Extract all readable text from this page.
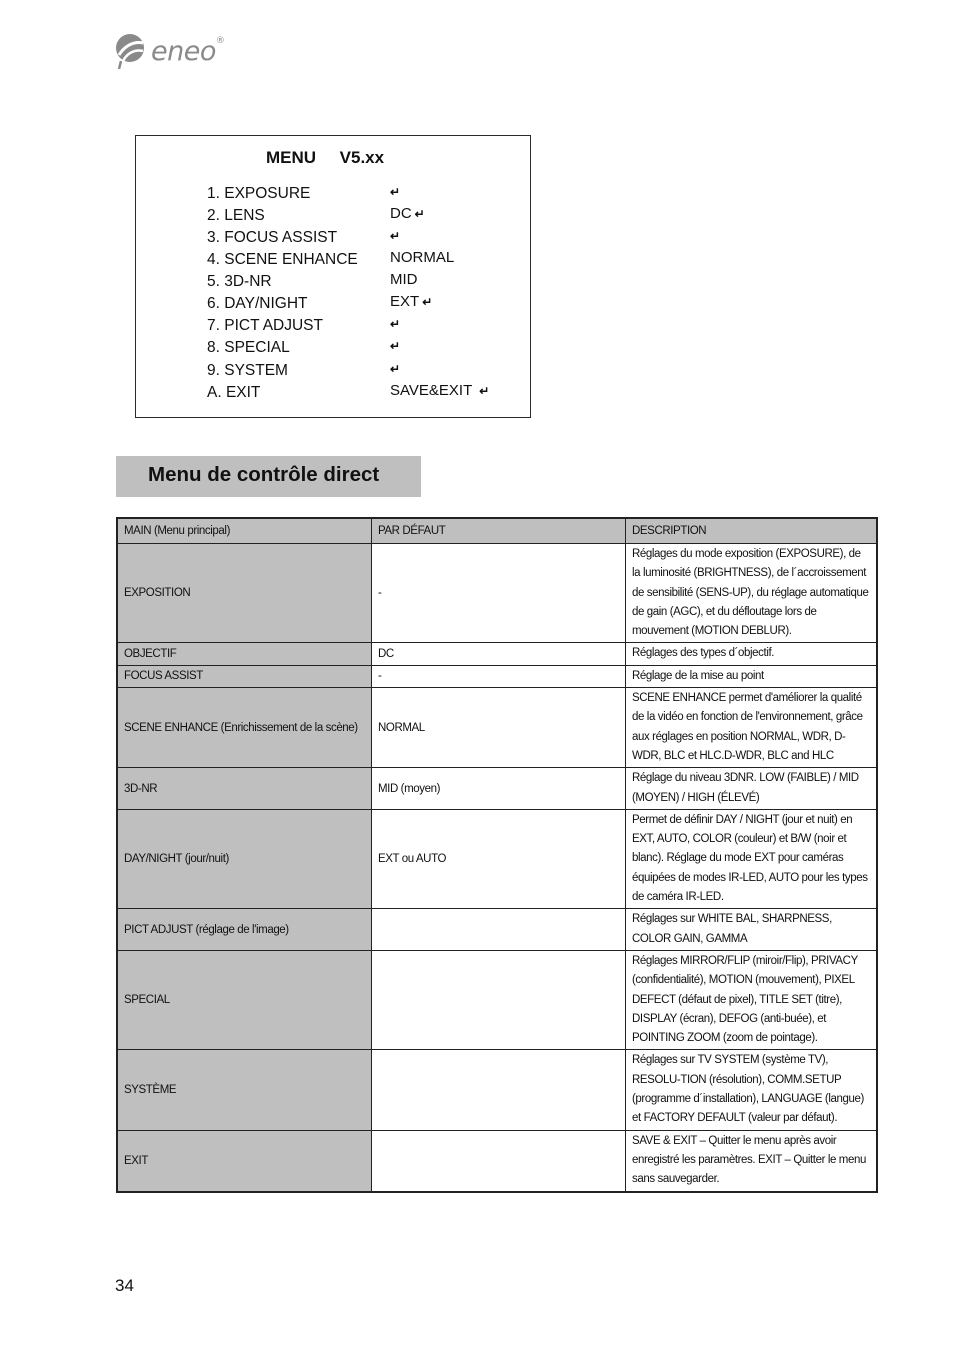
eneo®
MENU     V5.xx
1. EXPOSURE	↵
2. LENS	DC ↵
3. FOCUS ASSIST	↵
4. SCENE ENHANCE NORMAL
5. 3D-NR	MID
6. DAY/NIGHT	EXT ↵
7. PICT ADJUST	↵
8. SPECIAL	↵
9. SYSTEM	↵
A. EXIT	SAVE&EXIT ↵
Menu de contrôle direct
MAIN (Menu principal)	PAR DÉFAUT	DESCRIPTION
EXPOSITION	-	Réglages du mode exposition (EXPOSURE), de la luminosité (BRIGHTNESS), de l´accroissement de sensibilité (SENS-UP), du réglage automatique de gain (AGC), et du défloutage lors de mouvement (MOTION DEBLUR).
OBJECTIF	DC	Réglages des types d´objectif.
FOCUS ASSIST	-	Réglage de la mise au point
SCENE ENHANCE (Enrichissement de la scène)	NORMAL	SCENE ENHANCE permet d'améliorer la qualité de la vidéo en fonction de l'environnement, grâce aux réglages en position NORMAL, WDR, D-WDR, BLC et HLC.D-WDR, BLC and HLC
3D-NR	MID (moyen)	Réglage du niveau 3DNR. LOW (FAIBLE) / MID (MOYEN) / HIGH (ÉLEVÉ)
DAY/NIGHT (jour/nuit)	EXT ou AUTO	Permet de définir DAY / NIGHT (jour et nuit) en EXT, AUTO, COLOR (couleur) et B/W (noir et blanc). Réglage du mode EXT pour caméras équipées de modes IR-LED, AUTO pour les types de caméra IR-LED.
PICT ADJUST (réglage de l'image)		Réglages sur WHITE BAL, SHARPNESS, COLOR GAIN, GAMMA
SPECIAL		Réglages MIRROR/FLIP (miroir/Flip), PRIVACY (confidentialité), MOTION (mouvement), PIXEL DEFECT (défaut de pixel), TITLE SET (titre), DISPLAY (écran), DEFOG (anti-buée), et POINTING ZOOM (zoom de pointage).
SYSTÈME		Réglages sur TV SYSTEM (système TV), RESOLU-TION (résolution), COMM.SETUP (programme d´installation), LANGUAGE (langue) et FACTORY DEFAULT (valeur par défaut).
EXIT		SAVE & EXIT – Quitter le menu après avoir enregistré les paramètres. EXIT – Quitter le menu sans sauvegarder.
34
